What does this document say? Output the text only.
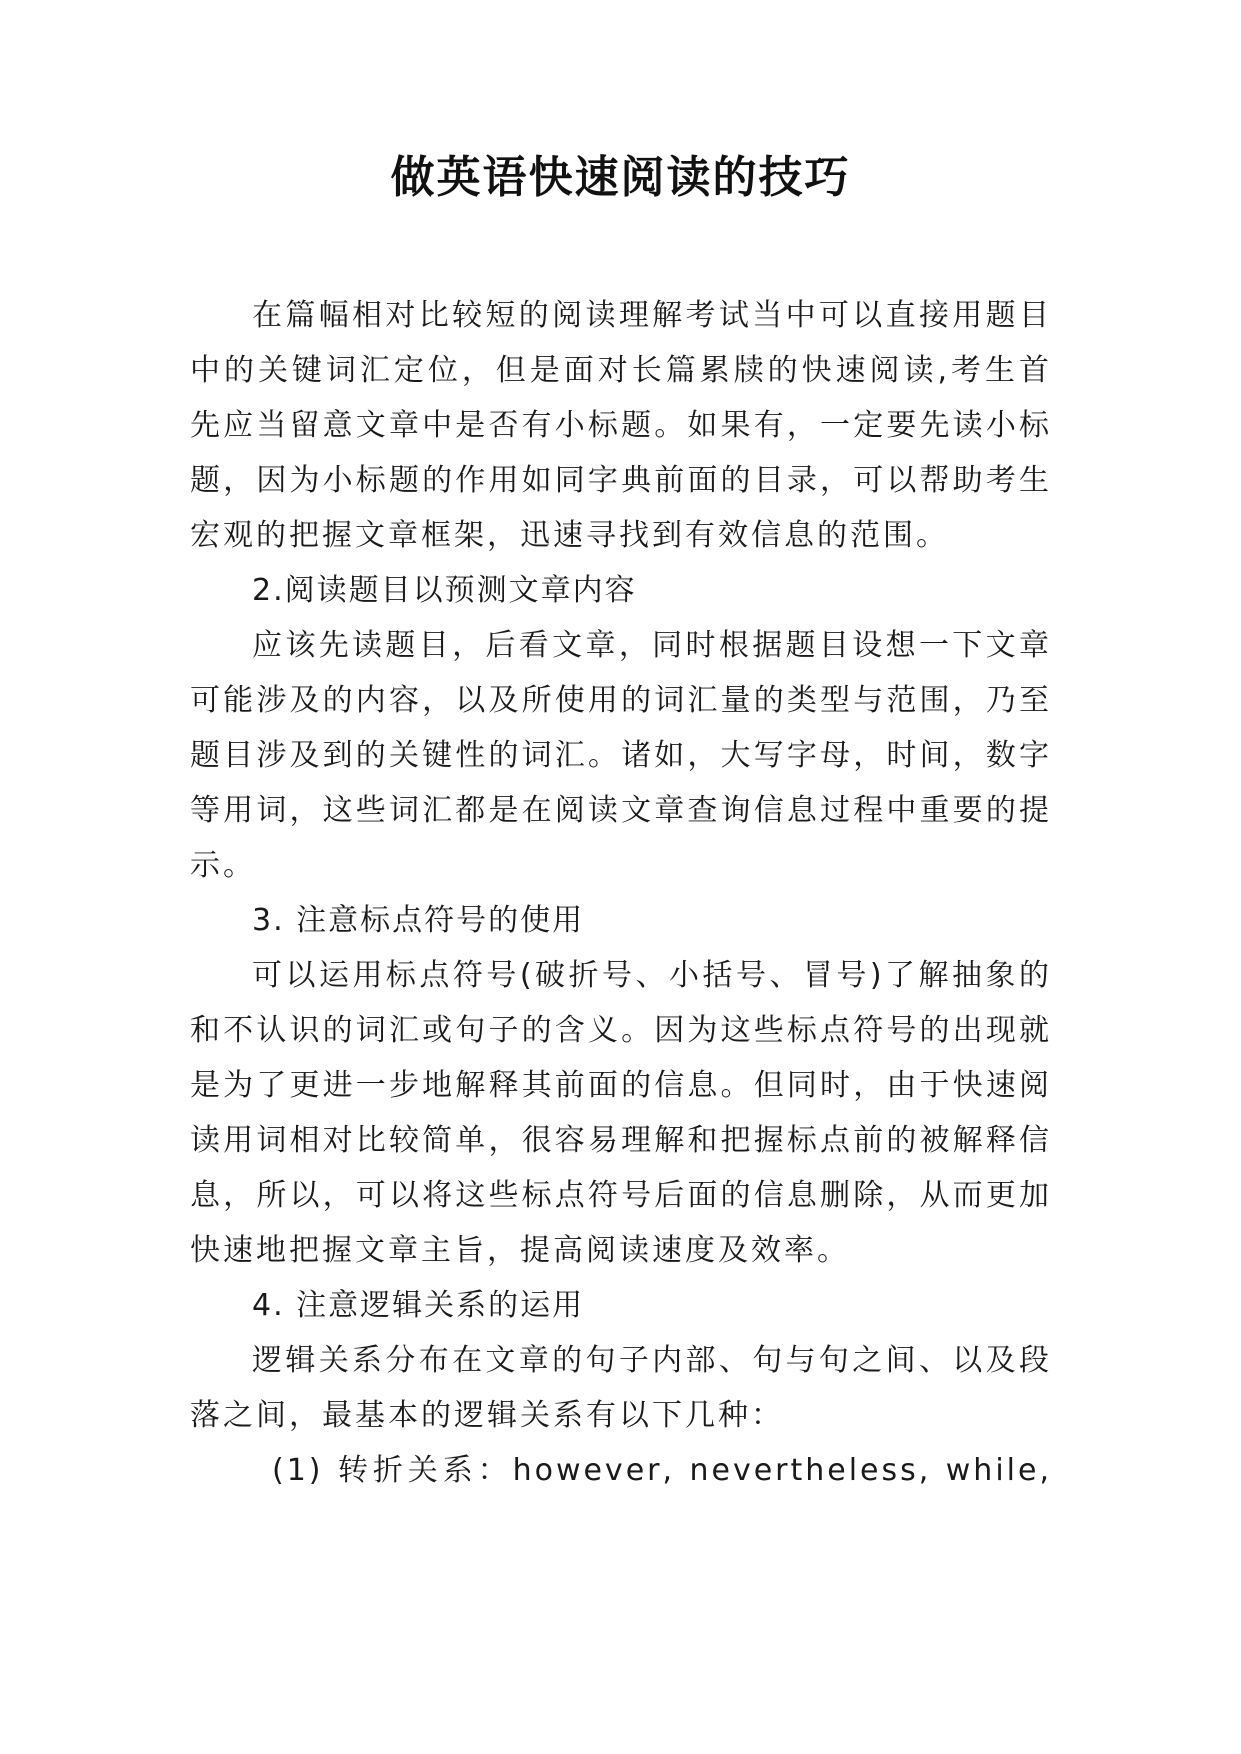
做英语快速阅读的技巧

在篇幅相对比较短的阅读理解考试当中可以直接用题目中的关键词汇定位，但是面对长篇累牍的快速阅读,考生首先应当留意文章中是否有小标题。如果有，一定要先读小标题，因为小标题的作用如同字典前面的目录，可以帮助考生宏观的把握文章框架，迅速寻找到有效信息的范围。

2.阅读题目以预测文章内容

应该先读题目，后看文章，同时根据题目设想一下文章可能涉及的内容，以及所使用的词汇量的类型与范围，乃至题目涉及到的关键性的词汇。诸如，大写字母，时间，数字等用词，这些词汇都是在阅读文章查询信息过程中重要的提示。

3. 注意标点符号的使用

可以运用标点符号(破折号、小括号、冒号)了解抽象的和不认识的词汇或句子的含义。因为这些标点符号的出现就是为了更进一步地解释其前面的信息。但同时，由于快速阅读用词相对比较简单，很容易理解和把握标点前的被解释信息，所以，可以将这些标点符号后面的信息删除，从而更加快速地把握文章主旨，提高阅读速度及效率。

4. 注意逻辑关系的运用

逻辑关系分布在文章的句子内部、句与句之间、以及段落之间，最基本的逻辑关系有以下几种：

(1) 转折关系：however, nevertheless, while,
